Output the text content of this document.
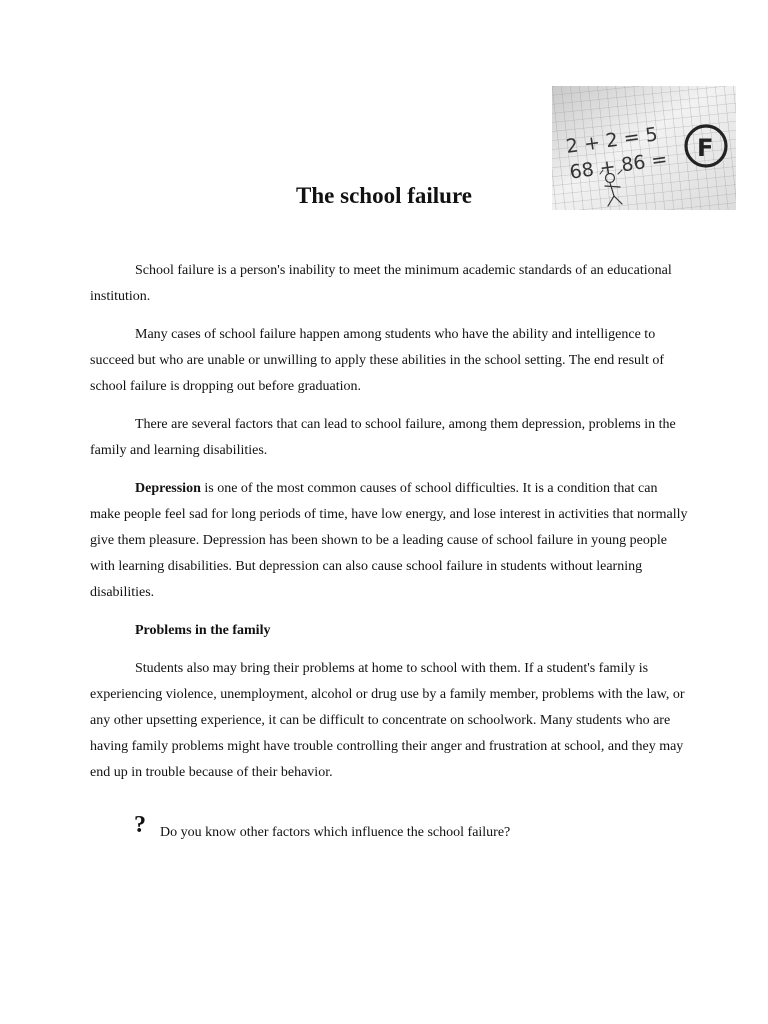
2 + 2 = 5
68 + 86 =
F
The school failure

School failure is a person's inability to meet the minimum academic standards of an educational institution.

Many cases of school failure happen among students who have the ability and intelligence to succeed but who are unable or unwilling to apply these abilities in the school setting. The end result of school failure is dropping out before graduation.

There are several factors that can lead to school failure, among them depression, problems in the family and learning disabilities.

Depression is one of the most common causes of school difficulties. It is a condition that can make people feel sad for long periods of time, have low energy, and lose interest in activities that normally give them pleasure. Depression has been shown to be a leading cause of school failure in young people with learning disabilities. But depression can also cause school failure in students without learning disabilities.

Problems in the family

Students also may bring their problems at home to school with them. If a student's family is experiencing violence, unemployment, alcohol or drug use by a family member, problems with the law, or any other upsetting experience, it can be difficult to concentrate on schoolwork. Many students who are having family problems might have trouble controlling their anger and frustration at school, and they may end up in trouble because of their behavior.

?	Do you know other factors which influence the school failure?
